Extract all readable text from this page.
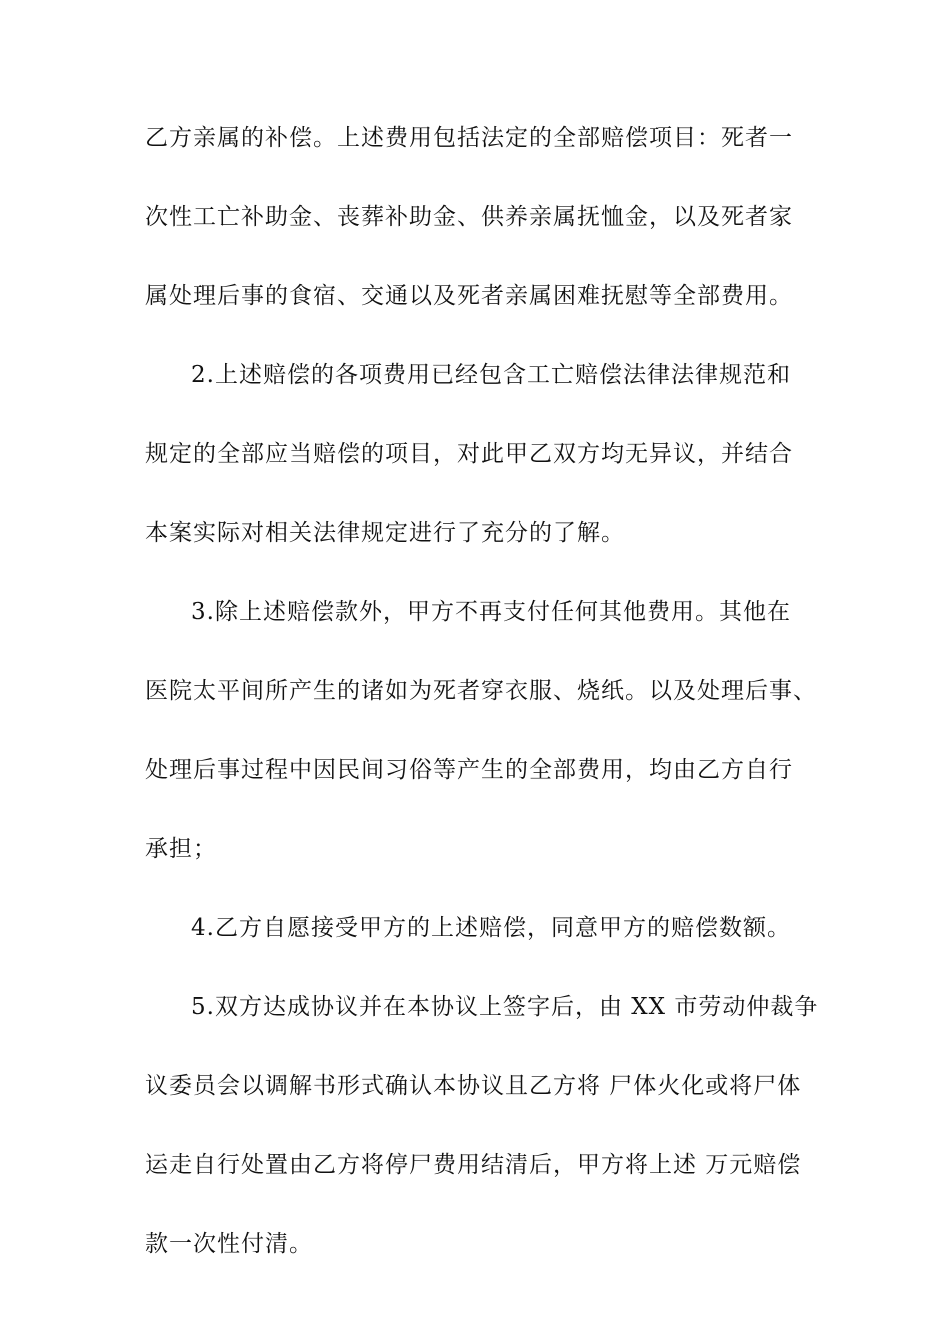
乙方亲属的补偿。上述费用包括法定的全部赔偿项目：死者一
次性工亡补助金、丧葬补助金、供养亲属抚恤金，以及死者家
属处理后事的食宿、交通以及死者亲属困难抚慰等全部费用。
2.上述赔偿的各项费用已经包含工亡赔偿法律法律规范和
规定的全部应当赔偿的项目，对此甲乙双方均无异议，并结合
本案实际对相关法律规定进行了充分的了解。
3.除上述赔偿款外，甲方不再支付任何其他费用。其他在
医院太平间所产生的诸如为死者穿衣服、烧纸。以及处理后事、
处理后事过程中因民间习俗等产生的全部费用，均由乙方自行
承担；
4.乙方自愿接受甲方的上述赔偿，同意甲方的赔偿数额。
5.双方达成协议并在本协议上签字后，由 XX 市劳动仲裁争
议委员会以调解书形式确认本协议且乙方将 尸体火化或将尸体
运走自行处置由乙方将停尸费用结清后，甲方将上述 万元赔偿
款一次性付清。
